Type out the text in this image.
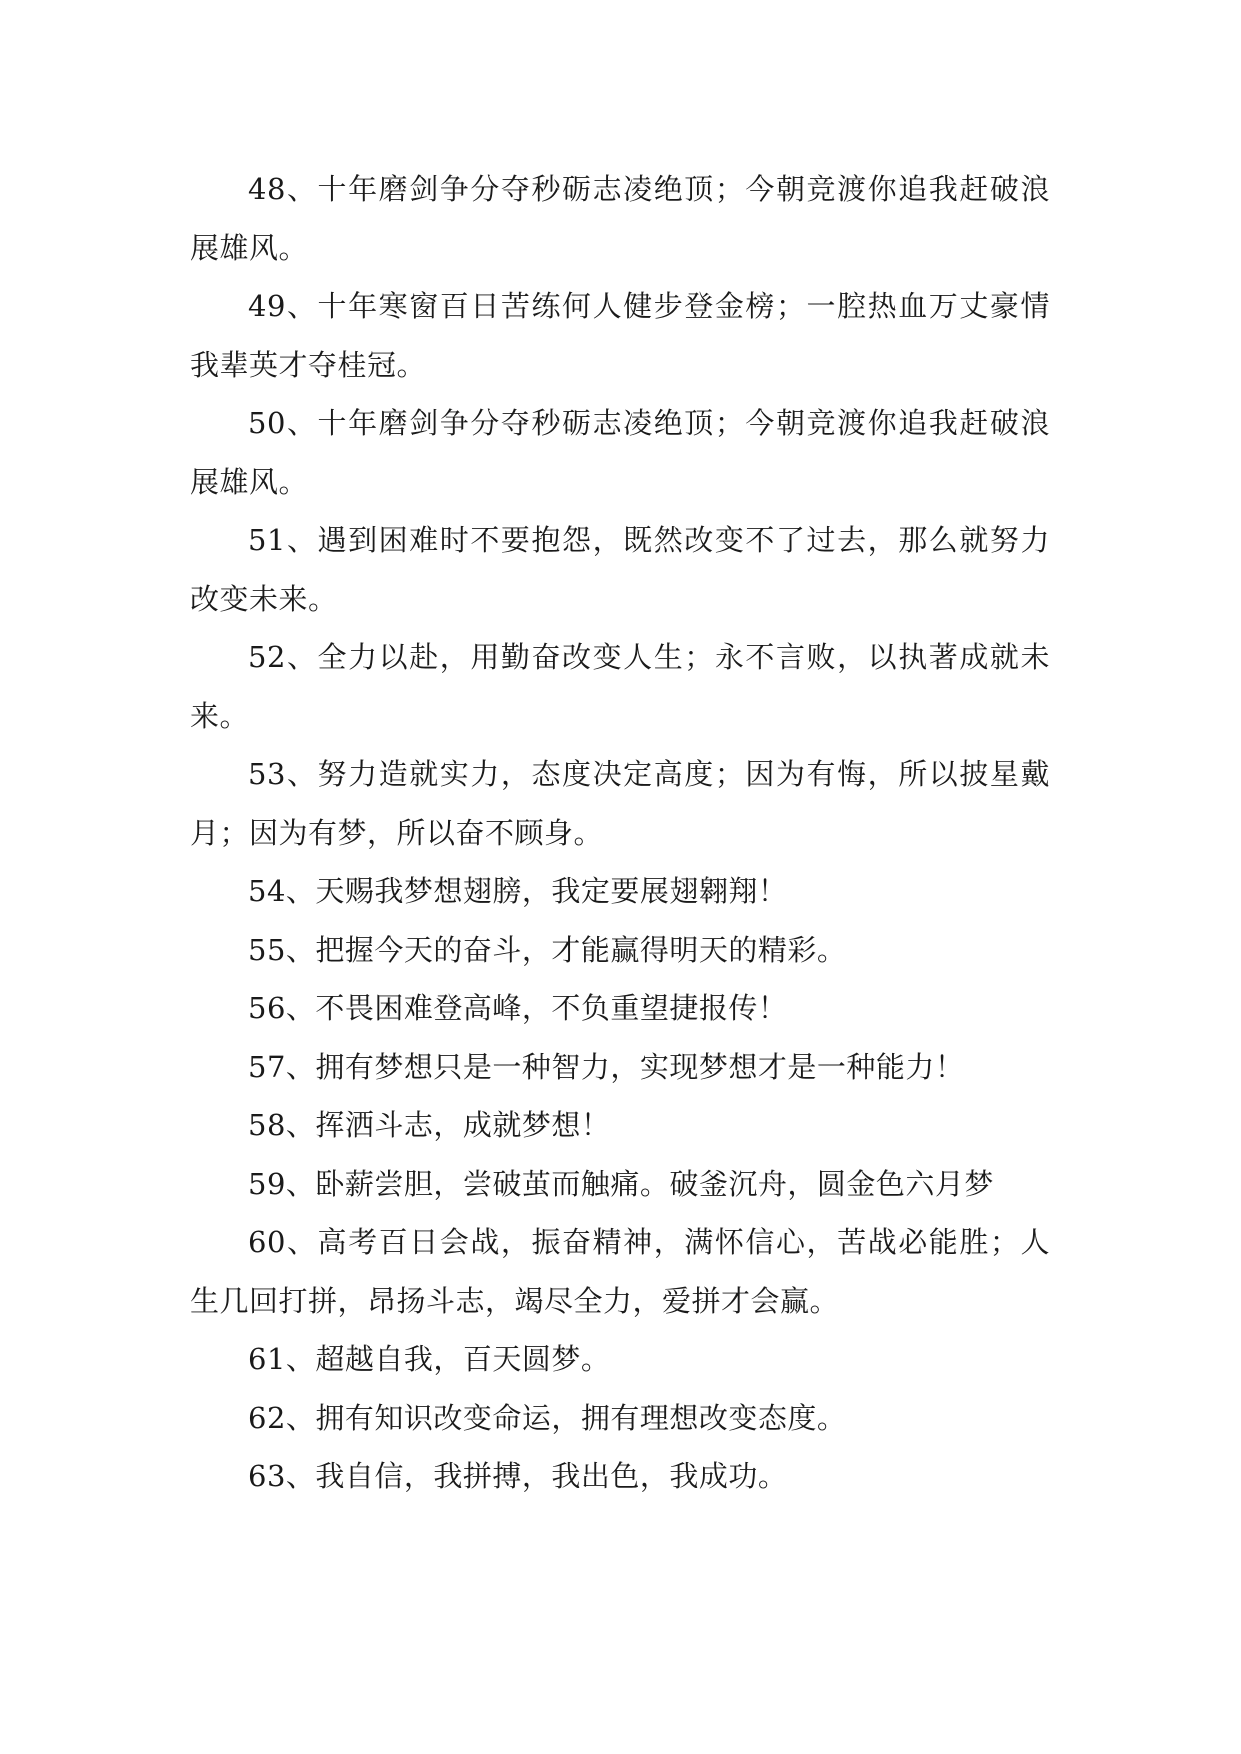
48、十年磨剑争分夺秒砺志凌绝顶；今朝竞渡你追我赶破浪展雄风。

49、十年寒窗百日苦练何人健步登金榜；一腔热血万丈豪情我辈英才夺桂冠。

50、十年磨剑争分夺秒砺志凌绝顶；今朝竞渡你追我赶破浪展雄风。

51、遇到困难时不要抱怨，既然改变不了过去，那么就努力改变未来。

52、全力以赴，用勤奋改变人生；永不言败，以执著成就未来。

53、努力造就实力，态度决定高度；因为有悔，所以披星戴月；因为有梦，所以奋不顾身。

54、天赐我梦想翅膀，我定要展翅翱翔！

55、把握今天的奋斗，才能赢得明天的精彩。

56、不畏困难登高峰，不负重望捷报传！

57、拥有梦想只是一种智力，实现梦想才是一种能力！

58、挥洒斗志，成就梦想！

59、卧薪尝胆，尝破茧而触痛。破釜沉舟，圆金色六月梦

60、高考百日会战，振奋精神，满怀信心，苦战必能胜；人生几回打拼，昂扬斗志，竭尽全力，爱拼才会赢。

61、超越自我，百天圆梦。

62、拥有知识改变命运，拥有理想改变态度。

63、我自信，我拼搏，我出色，我成功。
